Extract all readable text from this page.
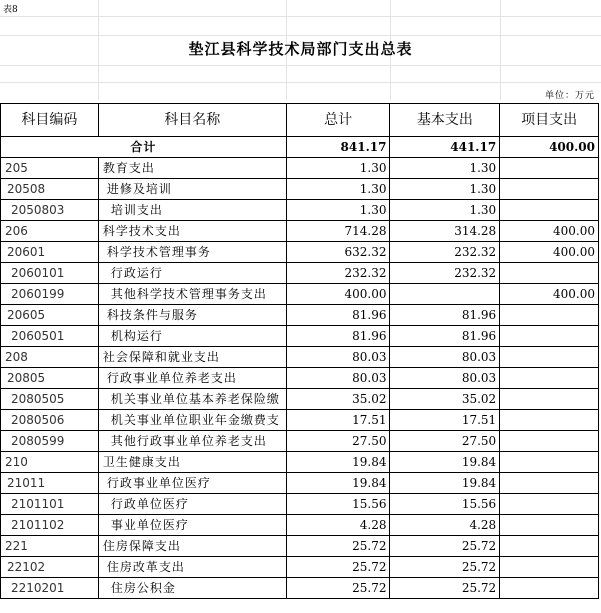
表8
垫江县科学技术局部门支出总表
单位：万元
科目编码	科目名称	总计	基本支出	项目支出
合计		841.17	441.17	400.00
205	教育支出	1.30	1.30	
20508	进修及培训	1.30	1.30	
2050803	培训支出	1.30	1.30	
206	科学技术支出	714.28	314.28	400.00
20601	科学技术管理事务	632.32	232.32	400.00
2060101	行政运行	232.32	232.32	
2060199	其他科学技术管理事务支出	400.00		400.00
20605	科技条件与服务	81.96	81.96	
2060501	机构运行	81.96	81.96	
208	社会保障和就业支出	80.03	80.03	
20805	行政事业单位养老支出	80.03	80.03	
2080505	机关事业单位基本养老保险缴	35.02	35.02	
2080506	机关事业单位职业年金缴费支	17.51	17.51	
2080599	其他行政事业单位养老支出	27.50	27.50	
210	卫生健康支出	19.84	19.84	
21011	行政事业单位医疗	19.84	19.84	
2101101	行政单位医疗	15.56	15.56	
2101102	事业单位医疗	4.28	4.28	
221	住房保障支出	25.72	25.72	
22102	住房改革支出	25.72	25.72	
2210201	住房公积金	25.72	25.72	
